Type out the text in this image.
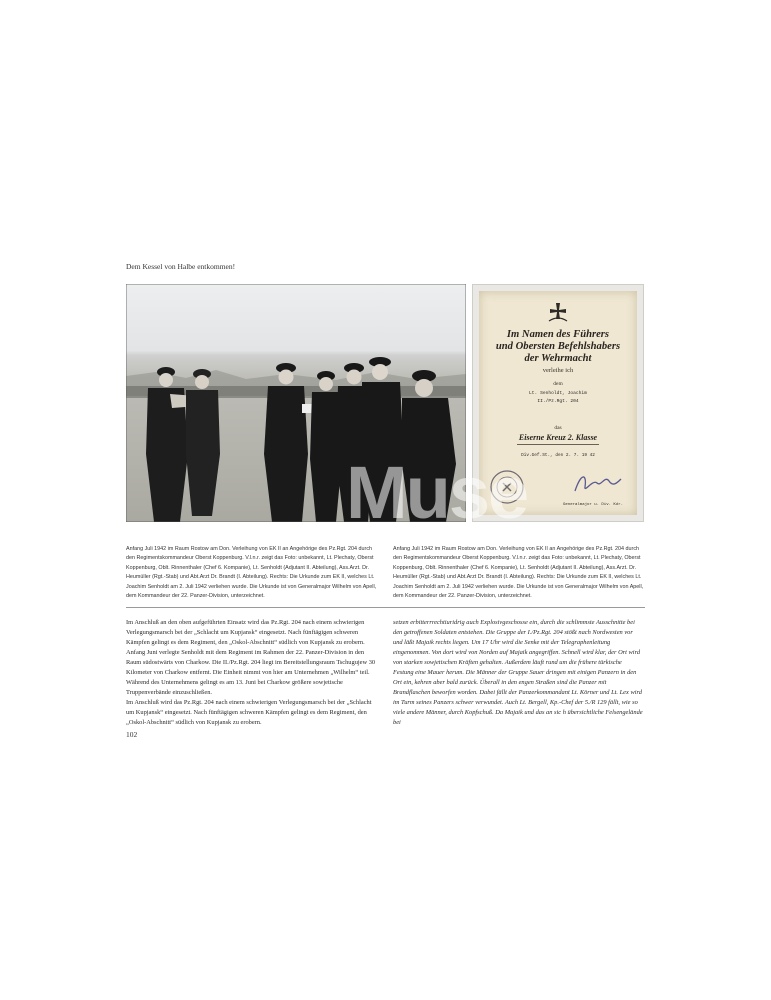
Dem Kessel von Halbe entkommen!
Im Namen des Führers
und Obersten Befehlshabers
der Wehrmacht
verleihe ich
dem
Lt. Senholdt, Joachim
II./Pz.Rgt. 204
das
Eiserne Kreuz 2. Klasse
Div.Gef.St., den 2. 7. 19 42
Generalmajor u. Div. Kdr.
Muse
Anfang Juli 1942 im Raum Rostow am Don. Verleihung von EK II an Angehörige des Pz.Rgt. 204 durch den Regimentskommandeur Oberst Koppenburg. V.l.n.r. zeigt das Foto: unbekannt, Lt. Plechaty, Oberst Koppenburg, Oblt. Rinnenthaler (Chef 6. Kompanie), Lt. Senholdt (Adjutant II. Abteilung), Ass.Arzt. Dr. Heumüller (Rgt.-Stab) und Abt.Arzt Dr. Brandt (I. Abteilung). Rechts: Die Urkunde zum EK II, welches Lt. Joachim Senholdt am 2. Juli 1942 verliehen wurde. Die Urkunde ist von Generalmajor Wilhelm von Apell, dem Kommandeur der 22. Panzer-Division, unterzeichnet.
Anfang Juli 1942 im Raum Rostow am Don. Verleihung von EK II an Angehörige des Pz.Rgt. 204 durch den Regimentskommandeur Oberst Koppenburg. V.l.n.r. zeigt das Foto: unbekannt, Lt. Plechaty, Oberst Koppenburg, Oblt. Rinnenthaler (Chef 6. Kompanie), Lt. Senholdt (Adjutant II. Abteilung), Ass.Arzt. Dr. Heumüller (Rgt.-Stab) und Abt.Arzt Dr. Brandt (I. Abteilung). Rechts: Die Urkunde zum EK II, welches Lt. Joachim Senholdt am 2. Juli 1942 verliehen wurde. Die Urkunde ist von Generalmajor Wilhelm von Apell, dem Kommandeur der 22. Panzer-Division, unterzeichnet.

Im Anschluß an den oben aufgeführten Einsatz wird das Pz.Rgt. 204 nach einem schwierigen Verlegungsmarsch bei der „Schlacht um Kupjansk“ eingesetzt. Nach fünftägigen schweren Kämpfen gelingt es dem Regiment, den „Oskol-Abschnitt“ südlich von Kupjansk zu erobern.

Anfang Juni verlegte Senholdt mit dem Regiment im Rahmen der 22. Panzer-Division in den Raum südostwärts von Charkow. Die II./Pz.Rgt. 204 liegt im Bereitstellungsraum Tschugujew 30 Kilometer von Charkow entfernt. Die Einheit nimmt von hier am Unternehmen „Wilhelm“ teil. Während des Unternehmens gelingt es am 13. Juni bei Charkow größere sowjetische Truppenverbände einzuschließen.

Im Anschluß wird das Pz.Rgt. 204 nach einem schwierigen Verlegungsmarsch bei der „Schlacht um Kupjansk“ eingesetzt. Nach fünftägigen schweren Kämpfen gelingt es dem Regiment, den „Oskol-Abschnitt“ südlich von Kupjansk zu erobern.

setzen erbitterrrechtiuridrig auch Explosivgeschosse ein, durch die schlimmste Ausschnitte bei den getroffenen Soldaten entstehen. Die Gruppe der I./Pz.Rgt. 204 stößt nach Nordwesten vor und läßt Majaik rechts liegen. Um 17 Uhr wird die Senke mit der Telegraphenleitung eingenommen. Von dort wird von Norden auf Majaik angegriffen. Schnell wird klar, der Ort wird von starken sowjetischen Kräften gehalten. Außerdem läuft rund um die frühere türkische Festung eine Mauer herum. Die Männer der Gruppe Sauer dringen mit einigen Panzern in den Ort ein, kehren aber bald zurück. Überall in den engen Straßen sind die Panzer mit Brandflaschen beworfen worden. Dabei fällt der Panzerkommandant Lt. Körner und Lt. Lex wird im Turm seines Panzers schwer verwundet. Auch Lt. Bergell, Kp.-Chef der 5./R 129 fällt, wie so viele andere Männer, durch Kopfschuß. Da Majaik und das an sic h übersichtliche Felsengelände bei

102
